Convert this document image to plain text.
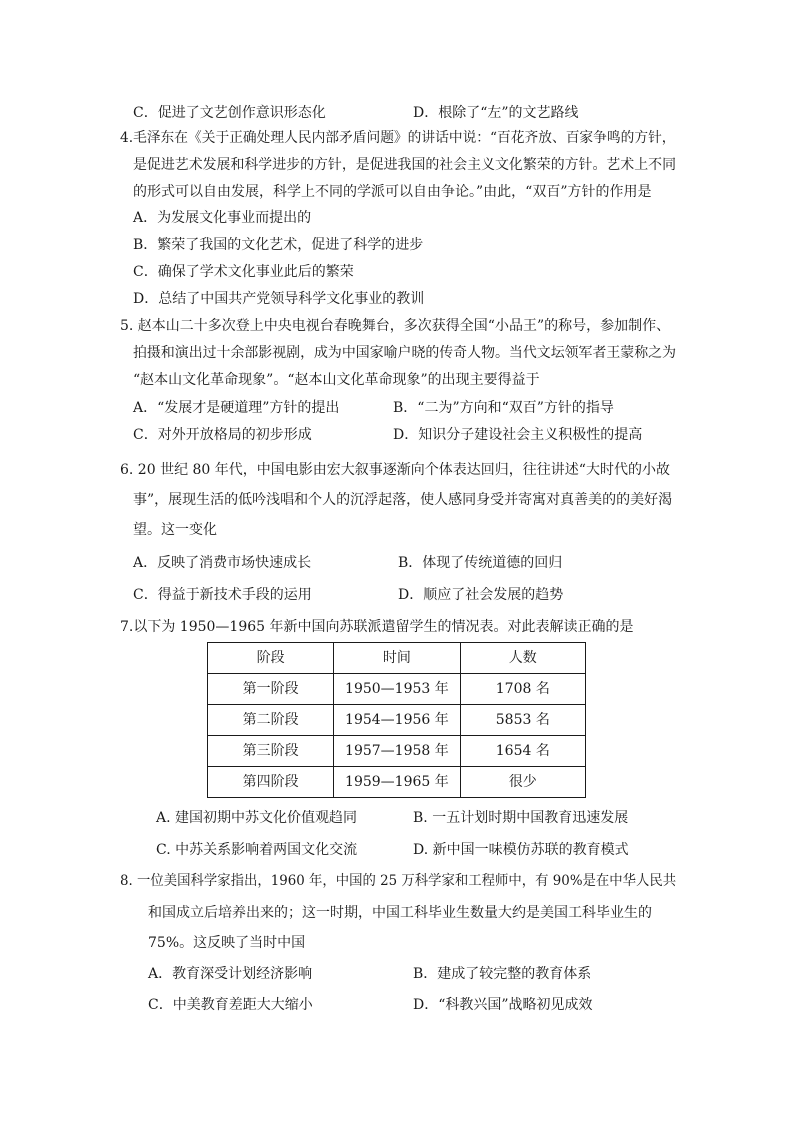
C．促进了文艺创作意识形态化	D．根除了“左”的文艺路线
4.毛泽东在《关于正确处理人民内部矛盾问题》的讲话中说：“百花齐放、百家争鸣的方针，
是促进艺术发展和科学进步的方针，是促进我国的社会主义文化繁荣的方针。艺术上不同
的形式可以自由发展，科学上不同的学派可以自由争论。”由此，“双百”方针的作用是
A．为发展文化事业而提出的
B．繁荣了我国的文化艺术，促进了科学的进步
C．确保了学术文化事业此后的繁荣
D．总结了中国共产党领导科学文化事业的教训
5. 赵本山二十多次登上中央电视台春晚舞台，多次获得全国“小品王”的称号，参加制作、
拍摄和演出过十余部影视剧，成为中国家喻户晓的传奇人物。当代文坛领军者王蒙称之为
“赵本山文化革命现象”。“赵本山文化革命现象”的出现主要得益于
A．“发展才是硬道理”方针的提出	B．“二为”方向和“双百”方针的指导
C．对外开放格局的初步形成	D．知识分子建设社会主义积极性的提高
6. 20 世纪 80 年代，中国电影由宏大叙事逐渐向个体表达回归，往往讲述“大时代的小故
事”，展现生活的低吟浅唱和个人的沉浮起落，使人感同身受并寄寓对真善美的的美好渴
望。这一变化
A．反映了消费市场快速成长	B．体现了传统道德的回归
C．得益于新技术手段的运用	D．顺应了社会发展的趋势
7.以下为 1950—1965 年新中国向苏联派遣留学生的情况表。对此表解读正确的是
阶段	时间	人数
第一阶段	1950—1953 年	1708 名
第二阶段	1954—1956 年	5853 名
第三阶段	1957—1958 年	1654 名
第四阶段	1959—1965 年	很少
A. 建国初期中苏文化价值观趋同	B. 一五计划时期中国教育迅速发展
C. 中苏关系影响着两国文化交流	D. 新中国一味模仿苏联的教育模式
8. 一位美国科学家指出，1960 年，中国的 25 万科学家和工程师中，有 90%是在中华人民共
和国成立后培养出来的；这一时期，中国工科毕业生数量大约是美国工科毕业生的
75%。这反映了当时中国
A．教育深受计划经济影响	B．建成了较完整的教育体系
C．中美教育差距大大缩小	D．“科教兴国”战略初见成效
